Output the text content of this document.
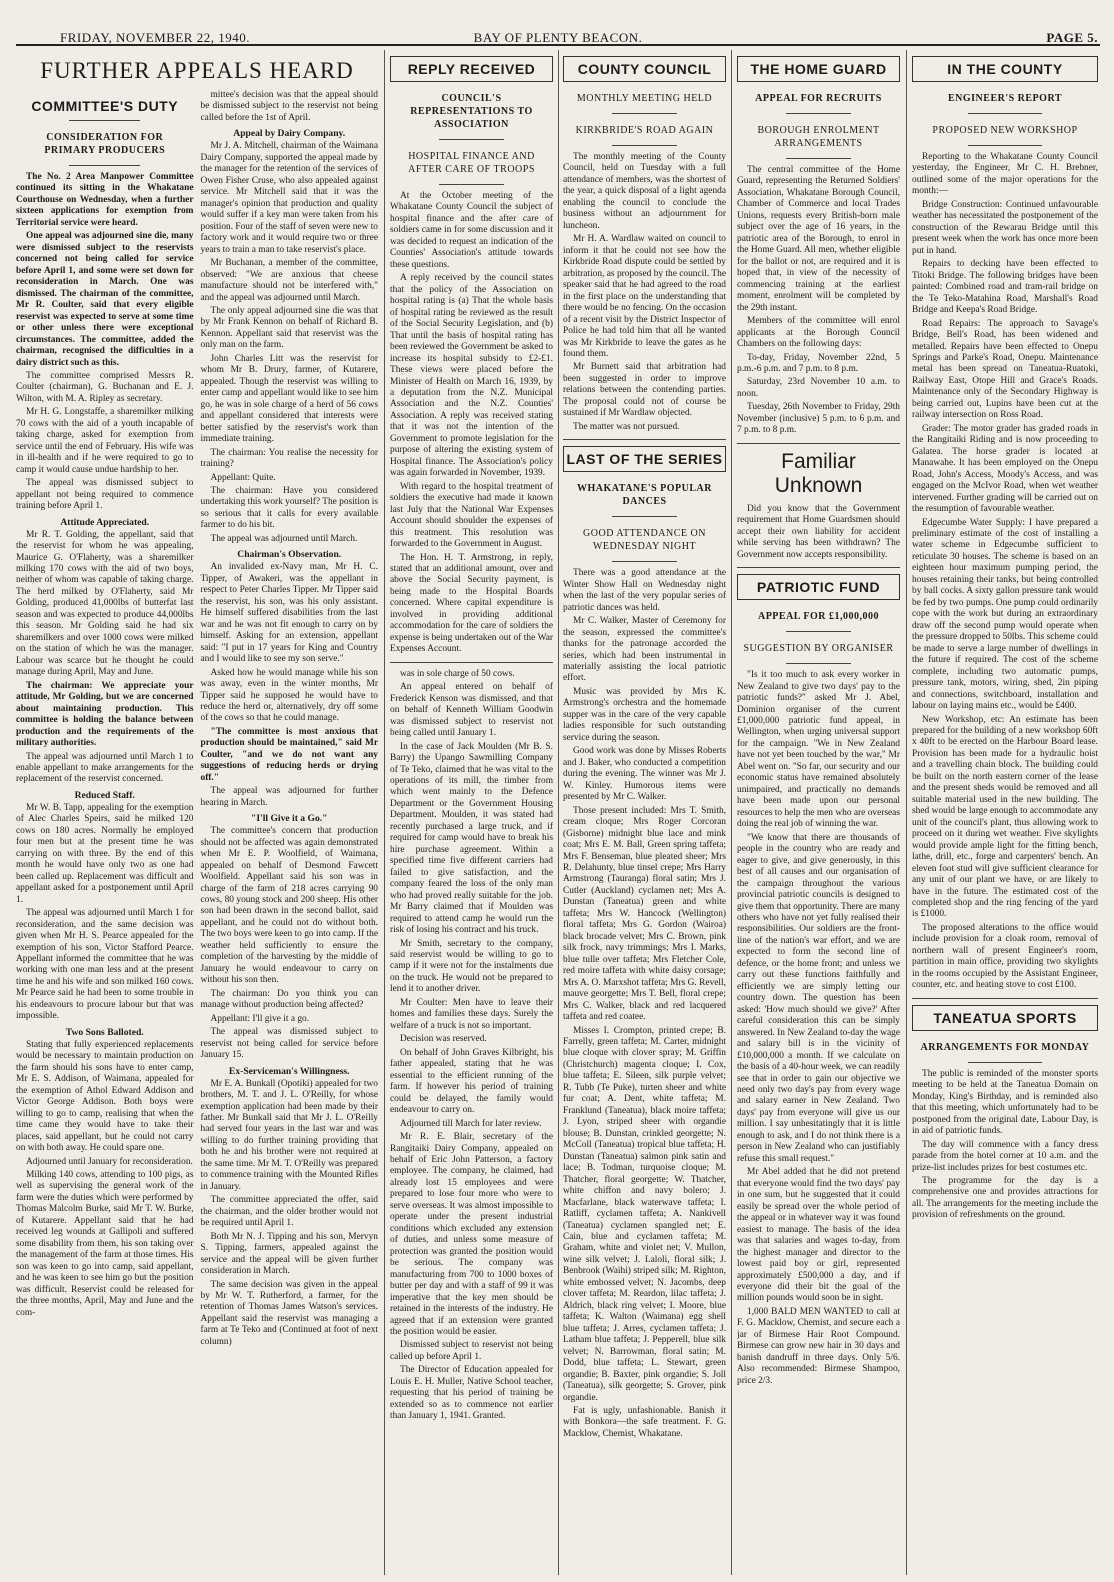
FRIDAY, NOVEMBER 22, 1940.	BAY OF PLENTY BEACON.	PAGE 5.
FURTHER APPEALS HEARD
COMMITTEE'S DUTY
CONSIDERATION FOR PRIMARY PRODUCERS

The No. 2 Area Manpower Committee continued its sitting in the Whakatane Courthouse on Wednesday, when a further sixteen applications for exemption from Territorial service were heard.

One appeal was adjourned sine die, many were dismissed subject to the reservists concerned not being called for service before April 1, and some were set down for reconsideration in March. One was dismissed. The chairman of the committee, Mr R. Coulter, said that every eligible reservist was expected to serve at some time or other unless there were exceptional circumstances. The committee, added the chairman, recognised the difficulties in a dairy district such as this.

The committee comprised Messrs R. Coulter (chairman), G. Buchanan and E. J. Wilton, with M. A. Ripley as secretary.

Mr H. G. Longstaffe, a sharemilker milking 70 cows with the aid of a youth incapable of taking charge, asked for exemption from service until the end of February. His wife was in ill-health and if he were required to go to camp it would cause undue hardship to her.

The appeal was dismissed subject to appellant not being required to commence training before April 1.

Attitude Appreciated.

Mr R. T. Golding, the appellant, said that the reservist for whom he was appealing, Maurice G. O'Flaherty, was a sharemilker milking 170 cows with the aid of two boys, neither of whom was capable of taking charge. The herd milked by O'Flaherty, said Mr Golding, produced 41,000lbs of butterfat last season and was expected to produce 44,000lbs this season. Mr Golding said he had six sharemilkers and over 1000 cows were milked on the station of which he was the manager. Labour was scarce but he thought he could manage during April, May and June.

The chairman: We appreciate your attitude, Mr Golding, but we are concerned about maintaining production. This committee is holding the balance between production and the requirements of the military authorities.

The appeal was adjourned until March 1 to enable appellant to make arrangements for the replacement of the reservist concerned.

Reduced Staff.

Mr W. B. Tapp, appealing for the exemption of Alec Charles Speirs, said he milked 120 cows on 180 acres. Normally he employed four men but at the present time he was carrying on with three. By the end of this month he would have only two as one had been called up. Replacement was difficult and appellant asked for a postponement until April 1.

The appeal was adjourned until March 1 for reconsideration, and the same decision was given when Mr H. S. Pearce appealed for the exemption of his son, Victor Stafford Pearce. Appellant informed the committee that he was working with one man less and at the present time he and his wife and son milked 160 cows. Mr Pearce said he had been to some trouble in his endeavours to procure labour but that was impossible.

Two Sons Balloted.

Stating that fully experienced replacements would be necessary to maintain production on the farm should his sons have to enter camp, Mr E. S. Addison, of Waimana, appealed for the exemption of Athol Edward Addison and Victor George Addison. Both boys were willing to go to camp, realising that when the time came they would have to take their places, said appellant, but he could not carry on with both away. He could spare one.

Adjourned until January for reconsideration.

Milking 140 cows, attending to 100 pigs, as well as supervising the general work of the farm were the duties which were performed by Thomas Malcolm Burke, said Mr T. W. Burke, of Kutarere. Appellant said that he had received leg wounds at Gallipoli and suffered some disability from them, his son taking over the management of the farm at those times. His son was keen to go into camp, said appellant, and he was keen to see him go but the position was difficult. Reservist could be released for the three months, April, May and June and the com-

mittee's decision was that the appeal should be dismissed subject to the reservist not being called before the 1st of April.

Appeal by Dairy Company.

Mr J. A. Mitchell, chairman of the Waimana Dairy Company, supported the appeal made by the manager for the retention of the services of Owen Fisher Cruse, who also appealed against service. Mr Mitchell said that it was the manager's opinion that production and quality would suffer if a key man were taken from his position. Four of the staff of seven were new to factory work and it would require two or three years to train a man to take reservist's place.

Mr Buchanan, a member of the committee, observed: "We are anxious that cheese manufacture should not be interfered with," and the appeal was adjourned until March.

The only appeal adjourned sine die was that by Mr Frank Kennon on behalf of Richard B. Kennon. Appellant said that reservist was the only man on the farm.

John Charles Litt was the reservist for whom Mr B. Drury, farmer, of Kutarere, appealed. Though the reservist was willing to enter camp and appellant would like to see him go, he was in sole charge of a herd of 56 cows and appellant considered that interests were better satisfied by the reservist's work than immediate training.

The chairman: You realise the necessity for training?

Appellant: Quite.

The chairman: Have you considered undertaking this work yourself? The position is so serious that it calls for every available farmer to do his bit.

The appeal was adjourned until March.

Chairman's Observation.

An invalided ex-Navy man, Mr H. C. Tipper, of Awakeri, was the appellant in respect to Peter Charles Tipper. Mr Tipper said the reservist, his son, was his only assistant. He himself suffered disabilities from the last war and he was not fit enough to carry on by himself. Asking for an extension, appellant said: "I put in 17 years for King and Country and I would like to see my son serve."

Asked how he would manage while his son was away, even in the winter months, Mr Tipper said he supposed he would have to reduce the herd or, alternatively, dry off some of the cows so that he could manage.

"The committee is most anxious that production should be maintained," said Mr Coulter, "and we do not want any suggestions of reducing herds or drying off."

The appeal was adjourned for further hearing in March.

"I'll Give it a Go."

The committee's concern that production should not be affected was again demonstrated when Mr E. P. Woolfield, of Waimana, appealed on behalf of Desmond Fawcett Woolfield. Appellant said his son was in charge of the farm of 218 acres carrying 90 cows, 80 young stock and 200 sheep. His other son had been drawn in the second ballot, said appellant, and he could not do without both. The two boys were keen to go into camp. If the weather held sufficiently to ensure the completion of the harvesting by the middle of January he would endeavour to carry on without his son then.

The chairman: Do you think you can manage without production being affected?

Appellant: I'll give it a go.

The appeal was dismissed subject to reservist not being called for service before January 15.

Ex-Serviceman's Willingness.

Mr E. A. Bunkall (Opotiki) appealed for two brothers, M. T. and J. L. O'Reilly, for whose exemption application had been made by their father. Mr Bunkall said that Mr J. L. O'Reilly had served four years in the last war and was willing to do further training providing that both he and his brother were not required at the same time. Mr M. T. O'Reilly was prepared to commence training with the Mounted Rifles in January.

The committee appreciated the offer, said the chairman, and the older brother would not be required until April 1.

Both Mr N. J. Tipping and his son, Mervyn S. Tipping, farmers, appealed against the service and the appeal will be given further consideration in March.

The same decision was given in the appeal by Mr W. T. Rutherford, a farmer, for the retention of Thomas James Watson's services. Appellant said the reservist was managing a farm at Te Teko and (Continued at foot of next column)

REPLY RECEIVED
COUNCIL'S REPRESENTATIONS TO ASSOCIATION
HOSPITAL FINANCE AND AFTER CARE OF TROOPS

At the October meeting of the Whakatane County Council the subject of hospital finance and the after care of soldiers came in for some discussion and it was decided to request an indication of the Counties' Association's attitude towards these questions.

A reply received by the council states that the policy of the Association on hospital rating is (a) That the whole basis of hospital rating be reviewed as the result of the Social Security Legislation, and (b) That until the basis of hospital rating has been reviewed the Government be asked to increase its hospital subsidy to £2-£1. These views were placed before the Minister of Health on March 16, 1939, by a deputation from the N.Z. Municipal Association and the N.Z. Counties' Association. A reply was received stating that it was not the intention of the Government to promote legislation for the purpose of altering the existing system of Hospital finance. The Association's policy was again forwarded in November, 1939.

With regard to the hospital treatment of soldiers the executive had made it known last July that the National War Expenses Account should shoulder the expenses of this treatment. This resolution was forwarded to the Government in August.

The Hon. H. T. Armstrong, in reply, stated that an additional amount, over and above the Social Security payment, is being made to the Hospital Boards concerned. Where capital expenditure is involved in providing additional accommodation for the care of soldiers the expense is being undertaken out of the War Expenses Account.

was in sole charge of 50 cows.

An appeal entered on behalf of Frederick Kenson was dismissed, and that on behalf of Kenneth William Goodwin was dismissed subject to reservist not being called until January 1.

In the case of Jack Moulden (Mr B. S. Barry) the Upango Sawmilling Company of Te Teko, claimed that he was vital to the operations of its mill, the timber from which went mainly to the Defence Department or the Government Housing Department. Moulden, it was stated had recently purchased a large truck, and if required for camp would have to break his hire purchase agreement. Within a specified time five different carriers had failed to give satisfaction, and the company feared the loss of the only man who had proved really suitable for the job. Mr Barry claimed that if Moulden was required to attend camp he would run the risk of losing his contract and his truck.

Mr Smith, secretary to the company, said reservist would be willing to go to camp if it were not for the instalments due on the truck. He would not be prepared to lend it to another driver.

Mr Coulter: Men have to leave their homes and families these days. Surely the welfare of a truck is not so important.

Decision was reserved.

On behalf of John Graves Kilbright, his father appealed, stating that he was essential to the efficient running of the farm. If however his period of training could be delayed, the family would endeavour to carry on.

Adjourned till March for later review.

Mr R. E. Blair, secretary of the Rangitaiki Dairy Company, appealed on behalf of Eric John Patterson, a factory employee. The company, he claimed, had already lost 15 employees and were prepared to lose four more who were to serve overseas. It was almost impossible to operate under the present industrial conditions which excluded any extension of duties, and unless some measure of protection was granted the position would be serious. The company was manufacturing from 700 to 1000 boxes of butter per day and with a staff of 99 it was imperative that the key men should be retained in the interests of the industry. He agreed that if an extension were granted the position would be easier.

Dismissed subject to reservist not being called up before April 1.

The Director of Education appealed for Louis E. H. Muller, Native School teacher, requesting that his period of training be extended so as to commence not earlier than January 1, 1941. Granted.

COUNTY COUNCIL
MONTHLY MEETING HELD
KIRKBRIDE'S ROAD AGAIN

The monthly meeting of the County Council, held on Tuesday with a full attendance of members, was the shortest of the year, a quick disposal of a light agenda enabling the council to conclude the business without an adjournment for luncheon.

Mr H. A. Wardlaw waited on council to inform it that he could not see how the Kirkbride Road dispute could be settled by arbitration, as proposed by the council. The speaker said that he had agreed to the road in the first place on the understanding that there would be no fencing. On the occasion of a recent visit by the District Inspector of Police he had told him that all he wanted was Mr Kirkbride to leave the gates as he found them.

Mr Burnett said that arbitration had been suggested in order to improve relations between the contending parties. The proposal could not of course be sustained if Mr Wardlaw objected.

The matter was not pursued.

LAST OF THE SERIES
WHAKATANE'S POPULAR DANCES
GOOD ATTENDANCE ON WEDNESDAY NIGHT

There was a good attendance at the Winter Show Hall on Wednesday night when the last of the very popular series of patriotic dances was held.

Mr C. Walker, Master of Ceremony for the season, expressed the committee's thanks for the patronage accorded the series, which had been instrumental in materially assisting the local patriotic effort.

Music was provided by Mrs K. Armstrong's orchestra and the homemade supper was in the care of the very capable ladies responsible for such outstanding service during the season.

Good work was done by Misses Roberts and J. Baker, who conducted a competition during the evening. The winner was Mr J. W. Kinley. Humorous items were presented by Mr C. Walker.

Those present included: Mrs T. Smith, cream cloque; Mrs Roger Corcoran (Gisborne) midnight blue lace and mink coat; Mrs E. M. Ball, Green spring taffeta; Mrs F. Benseman, blue pleated sheer; Mrs R. Delahunty, blue tinsel crepe; Mrs Harry Armstrong (Tauranga) floral satin; Mrs J. Cutler (Auckland) cyclamen net; Mrs A. Dunstan (Taneatua) green and white taffeta; Mrs W. Hancock (Wellington) floral taffeta; Mrs G. Gordon (Wairoa) black brocade velvet; Mrs C. Brown, pink silk frock, navy trimmings; Mrs I. Marks, blue tulle over taffeta; Mrs Fletcher Cole, red moire taffeta with white daisy corsage; Mrs A. O. Marxshot taffeta; Mrs G. Revell, mauve georgette; Mrs T. Bell, floral crepe; Mrs C. Walker, black and red lacquered taffeta and red coatee.

Misses I. Crompton, printed crepe; B. Farrelly, green taffeta; M. Carter, midnight blue cloque with clover spray; M. Griffin (Christchurch) magenta cloque; I. Cox, blue taffeta; E. Sileen, silk purple velvet; R. Tubb (Te Puke), turten sheer and white fur coat; A. Dent, white taffeta; M. Franklund (Taneatua), black moire taffeta; J. Lyon, striped sheer with organdie blouse; B. Dunstan, crinkled georgette; N. McColl (Taneatua) tropical blue taffeta; H. Dunstan (Taneatua) salmon pink satin and lace; B. Todman, turquoise cloque; M. Thatcher, floral georgette; W. Thatcher, white chiffon and navy bolero; J. Macfarlane, black waterwave taffeta; I. Ratliff, cyclamen taffeta; A. Nankivell (Taneatua) cyclamen spangled net; E. Cain, blue and cyclamen taffeta; M. Graham, white and violet net; V. Mullon, wine silk velvet; J. Laloli, floral silk; J. Benbrook (Waihi) striped silk; M. Righton, white embossed velvet; N. Jacombs, deep clover taffeta; M. Reardon, lilac taffeta; J. Aldrich, black ring velvet; I. Moore, blue taffeta; K. Walton (Waimana) egg shell blue taffeta; J. Arres, cyclamen taffeta; J. Latham blue taffeta; J. Pepperell, blue silk velvet; N. Barrowman, floral satin; M. Dodd, blue taffeta; L. Stewart, green organdie; B. Baxter, pink organdie; S. Joll (Taneatua), silk georgette; S. Grover, pink organdie.

Fat is ugly, unfashionable. Banish it with Bonkora—the safe treatment. F. G. Macklow, Chemist, Whakatane.

THE HOME GUARD
APPEAL FOR RECRUITS
BOROUGH ENROLMENT ARRANGEMENTS

The central committee of the Home Guard, representing the Returned Soldiers' Association, Whakatane Borough Council, Chamber of Commerce and local Trades Unions, requests every British-born male subject over the age of 16 years, in the patriotic area of the Borough, to enrol in the Home Guard. All men, whether eligible for the ballot or not, are required and it is hoped that, in view of the necessity of commencing training at the earliest moment, enrolment will be completed by the 29th instant.

Members of the committee will enrol applicants at the Borough Council Chambers on the following days:

To-day, Friday, November 22nd, 5 p.m.-6 p.m. and 7 p.m. to 8 p.m.

Saturday, 23rd November 10 a.m. to noon.

Tuesday, 26th November to Friday, 29th November (inclusive) 5 p.m. to 6 p.m. and 7 p.m. to 8 p.m.

Familiar Unknown

Did you know that the Government requirement that Home Guardsmen should accept their own liability for accident while serving has been withdrawn? The Government now accepts responsibility.

PATRIOTIC FUND
APPEAL FOR £1,000,000
SUGGESTION BY ORGANISER

"Is it too much to ask every worker in New Zealand to give two days' pay to the patriotic funds?" asked Mr J. Abel, Dominion organiser of the current £1,000,000 patriotic fund appeal, in Wellington, when urging universal support for the campaign. "We in New Zealand have not yet been touched by the war," Mr Abel went on. "So far, our security and our economic status have remained absolutely unimpaired, and practically no demands have been made upon our personal resources to help the men who are overseas doing the real job of winning the war.

"We know that there are thousands of people in the country who are ready and eager to give, and give generously, in this best of all causes and our organisation of the campaign throughout the various provincial patriotic councils is designed to give them that opportunity. There are many others who have not yet fully realised their responsibilities. Our soldiers are the front-line of the nation's war effort, and we are expected to form the second line of defence, or the home front; and unless we carry out these functions faithfully and efficiently we are simply letting our country down. The question has been asked: 'How much should we give?' After careful consideration this can be simply answered. In New Zealand to-day the wage and salary bill is in the vicinity of £10,000,000 a month. If we calculate on the basis of a 40-hour week, we can readily see that in order to gain our objective we need only two day's pay from every wage and salary earner in New Zealand. Two days' pay from everyone will give us our million. I say unhesitatingly that it is little enough to ask, and I do not think there is a person in New Zealand who can justifiably refuse this small request."

Mr Abel added that he did not pretend that everyone would find the two days' pay in one sum, but he suggested that it could easily be spread over the whole period of the appeal or in whatever way it was found easiest to manage. The basis of the idea was that salaries and wages to-day, from the highest manager and director to the lowest paid boy or girl, represented approximately £500,000 a day, and if everyone did their bit the goal of the million pounds would soon be in sight.

1,000 BALD MEN WANTED to call at F. G. Macklow, Chemist, and secure each a jar of Birmese Hair Root Compound. Birmese can grow new hair in 30 days and banish dandruff in three days. Only 5/6. Also recommended: Birmese Shampoo, price 2/3.

IN THE COUNTY
ENGINEER'S REPORT
PROPOSED NEW WORKSHOP

Reporting to the Whakatane County Council yesterday, the Engineer, Mr C. H. Brebner, outlined some of the major operations for the month:—

Bridge Construction: Continued unfavourable weather has necessitated the postponement of the construction of the Rewarau Bridge until this present week when the work has once more been put in hand.

Repairs to decking have been effected to Titoki Bridge. The following bridges have been painted: Combined road and tram-rail bridge on the Te Teko-Matahina Road, Marshall's Road Bridge and Keepa's Road Bridge.

Road Repairs: The approach to Savage's Bridge, Bell's Road, has been widened and metalled. Repairs have been effected to Onepu Springs and Parke's Road, Onepu. Maintenance metal has been spread on Taneatua-Ruatoki, Railway East, Otope Hill and Grace's Roads. Maintenance only of the Secondary Highway is being carried out, Lupins have been cut at the railway intersection on Ross Road.

Grader: The motor grader has graded roads in the Rangitaiki Riding and is now proceeding to Galatea. The horse grader is located at Manawahe. It has been employed on the Onepu Road, John's Access, Moody's Access, and was engaged on the McIvor Road, when wet weather intervened. Further grading will be carried out on the resumption of favourable weather.

Edgecumbe Water Supply: I have prepared a preliminary estimate of the cost of installing a water scheme in Edgecumbe sufficient to reticulate 30 houses. The scheme is based on an eighteen hour maximum pumping period, the houses retaining their tanks, but being controlled by ball cocks. A sixty gallon pressure tank would be fed by two pumps. One pump could ordinarily cope with the work but during an extraordinary draw off the second pump would operate when the pressure dropped to 50lbs. This scheme could be made to serve a large number of dwellings in the future if required. The cost of the scheme complete, including two automatic pumps, pressure tank, motors, wiring, shed, 2in piping and connections, switchboard, installation and labour on laying mains etc., would be £400.

New Workshop, etc: An estimate has been prepared for the building of a new workshop 60ft x 40ft to be erected on the Harbour Board lease. Provision has been made for a hydraulic hoist and a travelling chain block. The building could be built on the north eastern corner of the lease and the present sheds would be removed and all suitable material used in the new building. The shed would be large enough to accommodate any unit of the council's plant, thus allowing work to proceed on it during wet weather. Five skylights would provide ample light for the fitting bench, lathe, drill, etc., forge and carpenters' bench. An eleven foot stud will give sufficient clearance for any unit of our plant we have, or are likely to have in the future. The estimated cost of the completed shop and the ring fencing of the yard is £1000.

The proposed alterations to the office would include provision for a cloak room, removal of northern wall of present Engineer's room, partition in main office, providing two skylights in the rooms occupied by the Assistant Engineer, counter, etc. and heating stove to cost £100.

TANEATUA SPORTS
ARRANGEMENTS FOR MONDAY

The public is reminded of the monster sports meeting to be held at the Taneatua Domain on Monday, King's Birthday, and is reminded also that this meeting, which unfortunately had to be postponed from the original date, Labour Day, is in aid of patriotic funds.

The day will commence with a fancy dress parade from the hotel corner at 10 a.m. and the prize-list includes prizes for best costumes etc.

The programme for the day is a comprehensive one and provides attractions for all. The arrangements for the meeting include the provision of refreshments on the ground.
